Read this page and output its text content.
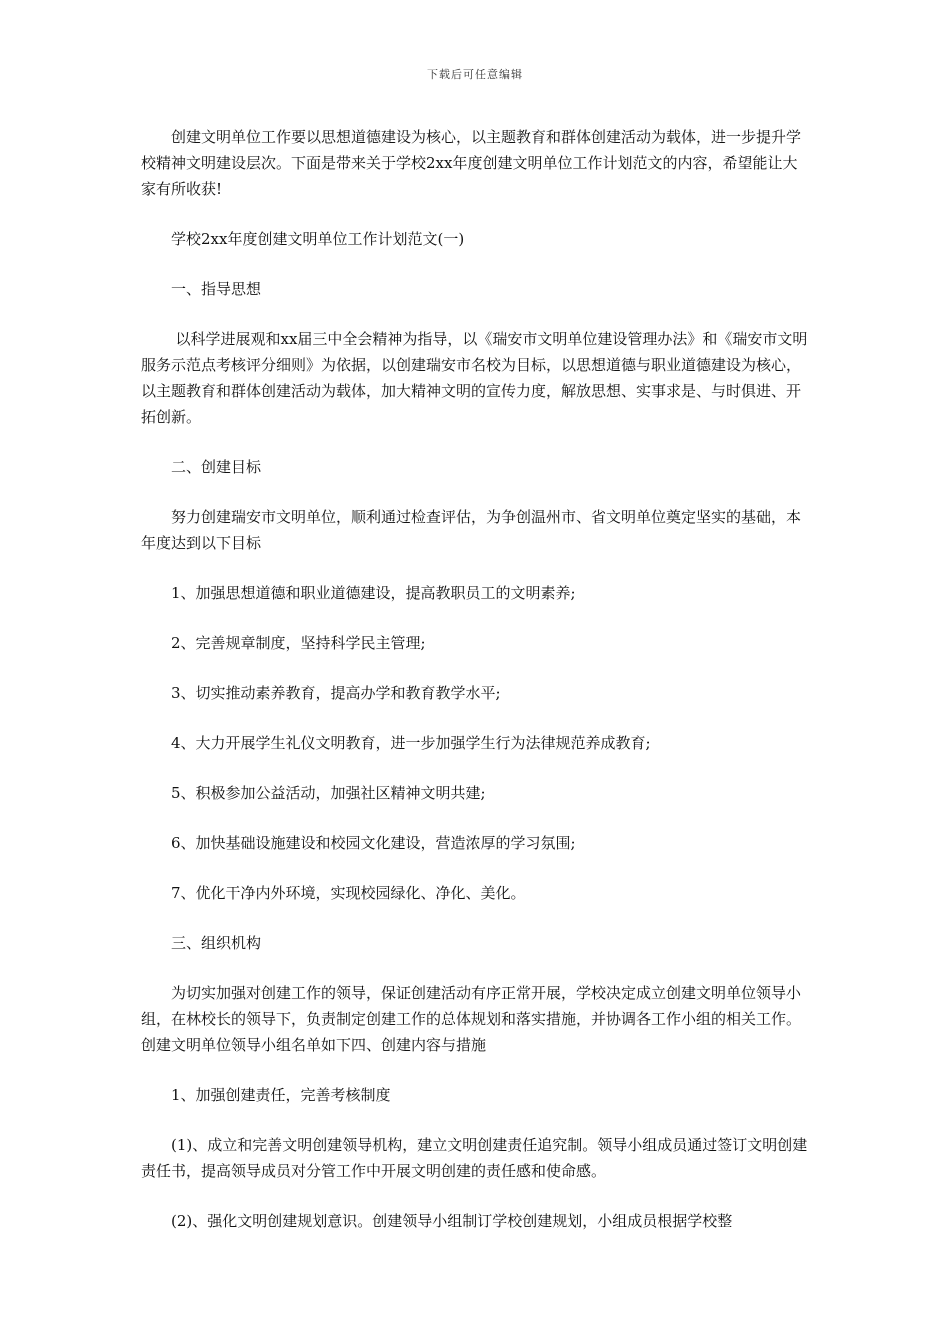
下载后可任意编辑

创建文明单位工作要以思想道德建设为核心，以主题教育和群体创建活动为载体，进一步提升学校精神文明建设层次。下面是带来关于学校2xx年度创建文明单位工作计划范文的内容，希望能让大家有所收获!

学校2xx年度创建文明单位工作计划范文(一)

一、指导思想

以科学进展观和xx届三中全会精神为指导，以《瑞安市文明单位建设管理办法》和《瑞安市文明服务示范点考核评分细则》为依据，以创建瑞安市名校为目标，以思想道德与职业道德建设为核心，以主题教育和群体创建活动为载体，加大精神文明的宣传力度，解放思想、实事求是、与时俱进、开拓创新。

二、创建目标

努力创建瑞安市文明单位，顺利通过检查评估，为争创温州市、省文明单位奠定坚实的基础，本年度达到以下目标

1、加强思想道德和职业道德建设，提高教职员工的文明素养;

2、完善规章制度，坚持科学民主管理;

3、切实推动素养教育，提高办学和教育教学水平;

4、大力开展学生礼仪文明教育，进一步加强学生行为法律规范养成教育;

5、积极参加公益活动，加强社区精神文明共建;

6、加快基础设施建设和校园文化建设，营造浓厚的学习氛围;

7、优化干净内外环境，实现校园绿化、净化、美化。

三、组织机构

为切实加强对创建工作的领导，保证创建活动有序正常开展，学校决定成立创建文明单位领导小组，在林校长的领导下，负责制定创建工作的总体规划和落实措施，并协调各工作小组的相关工作。创建文明单位领导小组名单如下四、创建内容与措施

1、加强创建责任，完善考核制度

(1)、成立和完善文明创建领导机构，建立文明创建责任追究制。领导小组成员通过签订文明创建责任书，提高领导成员对分管工作中开展文明创建的责任感和使命感。

(2)、强化文明创建规划意识。创建领导小组制订学校创建规划，小组成员根据学校整
